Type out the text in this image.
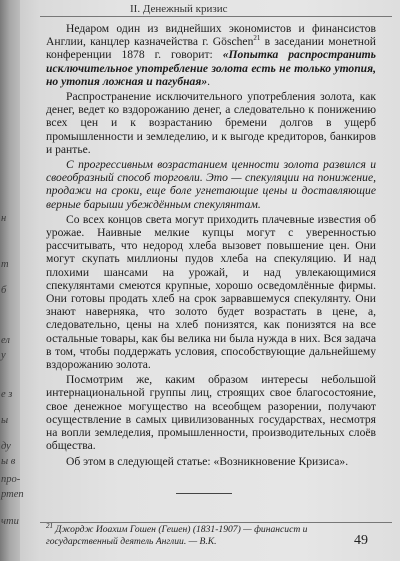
н
т
б
ел
у
е з
ы
ду
ы в
про-
ртеп
чти
II. Денежный кризис

Недаром один из виднейших экономистов и финансистов Англии, канцлер казначейства г. Göschen$^{21}$ в заседании монетной конференции 1878 г. говорит: «Попытка распространить исключительное употребление золота есть не только утопия, но утопия ложная и пагубная».

Распространение исключительного употребления золота, как денег, ведет ко вздорожанию денег, а следовательно к понижению всех цен и к возрастанию бремени долгов в ущерб промышленности и земледелию, и к выгоде кредиторов, банкиров и рантье.

С прогрессивным возрастанием ценности золота развился и своеобразный способ торговли. Это — спекуляции на понижение, продажи на сроки, еще боле угнетающие цены и доставляющие верные барыши убеждённым спекулянтам.

Со всех концов света могут приходить плачевные известия об урожае. Наивные мелкие купцы могут с уверенностью рассчитывать, что недород хлеба вызовет повышение цен. Они могут скупать миллионы пудов хлеба на спекуляцию. И над плохими шансами на урожай, и над увлекающимися спекулянтами смеются крупные, хорошо осведомлённые фирмы. Они готовы продать хлеб на срок зарвавшемуся спекулянту. Они знают наверняка, что золото будет возрастать в цене, а, следовательно, цены на хлеб понизятся, как понизятся на все остальные товары, как бы велика ни была нужда в них. Вся задача в том, чтобы поддержать условия, способствующие дальнейшему вздорожанию золота.

Посмотрим же, каким образом интересы небольшой интернациональной группы лиц, строящих свое благосостояние, свое денежное могущество на всеобщем разорении, получают осуществление в самых цивилизованных государствах, несмотря на вопли земледелия, промышленности, производительных слоёв общества.

Об этом в следующей статье: «Возникновение Кризиса».

$^{21}$ Джордж Иоахим Гошен (Гешен) (1831-1907) — финансист и государственный деятель Англии. — В.К.	49
